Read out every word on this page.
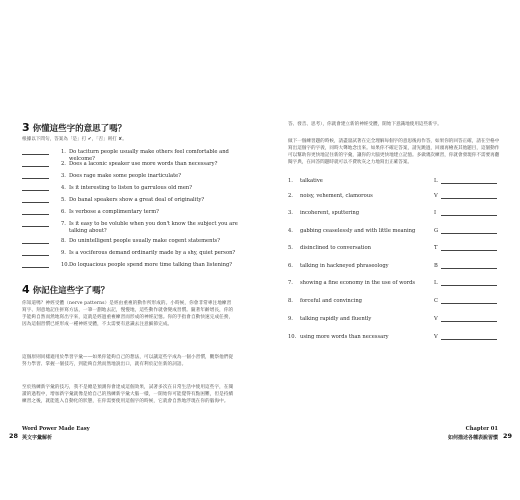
3 你懂這些字的意思了嗎？
根據以下問句，答案為「是」打 ✔，「否」則打 ✘。
1. Do taciturn people usually make others feel comfortable and welcome?
2. Does a laconic speaker use more words than necessary?
3. Does rage make some people inarticulate?
4. Is it interesting to listen to garrulous old men?
5. Do banal speakers show a great deal of originality?
6. Is verbose a complimentary term?
7. Is it easy to be voluble when you don't know the subject you are talking about?
8. Do unintelligent people usually make cogent statements?
9. Is a vociferous demand ordinarily made by a shy, quiet person?
10. Do loquacious people spend more time talking than listening?
4 你記住這些字了嗎？
你知道嗎？神經受體（nerve patterns）是經由重複的動作所形成的。小時候，你會非常專注地練習寫字、刻意地記住拼寫方法，一筆一劃地去記，慢慢地，這些動作就會變成習慣。隨著年齡增長，你的手能夠自然而然地寫出字來，這就是經過重複練習而形成的神經記憶。你的手指會自動快速完成任務，因為這個習慣已經形成一種神經受體，不太需要有意識去注意細節完成。
這個原則同樣適用於學習字彙——如果你能夠自己的想法，可以讓這些字成為一個小習慣，觀察他們從努力學習、掌握一個技巧，到能夠自然而然地說出口，就有利於記住新的詞語。
至於熟練新字彙的技巧，我不是總是預測你會達成這個效果，試著多次在日常生活中使用這些字，在閱讀的過程中，增加新字彙就像是給自己的熟練新字彙大腦一樣，一開始你可能覺得有點困難，但是持續練習之後，就能進入自動化的狀態，在你需要使用這個字的時候，它就會自然地浮現在你的腦海中。
Word Power Made Easy
28 英文字彙解析
答、發音、思考），你就會建立新的神經受體，開始下意識地使用這些新字。
做下一個練習題的時候，請盡量試著在完全理解每個字的意思後再作答，如果你的回答正確，請在空格中寫出這個字的字義，同時大聲地念出來。如果你不確定答案，請先跳過，回頭再檢查其他題目，這個動作可以幫助你更快地記住新的字彙，讓你的大腦更快地建立記憶。多做幾次練習，你就會發現你不需要再翻閱字典，在回答問題時就可以不費吹灰之力地寫出正確答案。
1.	talkative	L
2.	noisy, vehement, clamorous	V
3.	incoherent, sputtering	I
4.	gabbing ceaselessly and with little meaning	G
5.	disinclined to conversation	T
6.	talking in hackneyed phraseology	B
7.	showing a fine economy in the use of words	L
8.	forceful and convincing	C
9.	talking rapidly and fluently	V
10. using more words than necessary	V
Chapter 01
如何描述各種表說習慣 29
